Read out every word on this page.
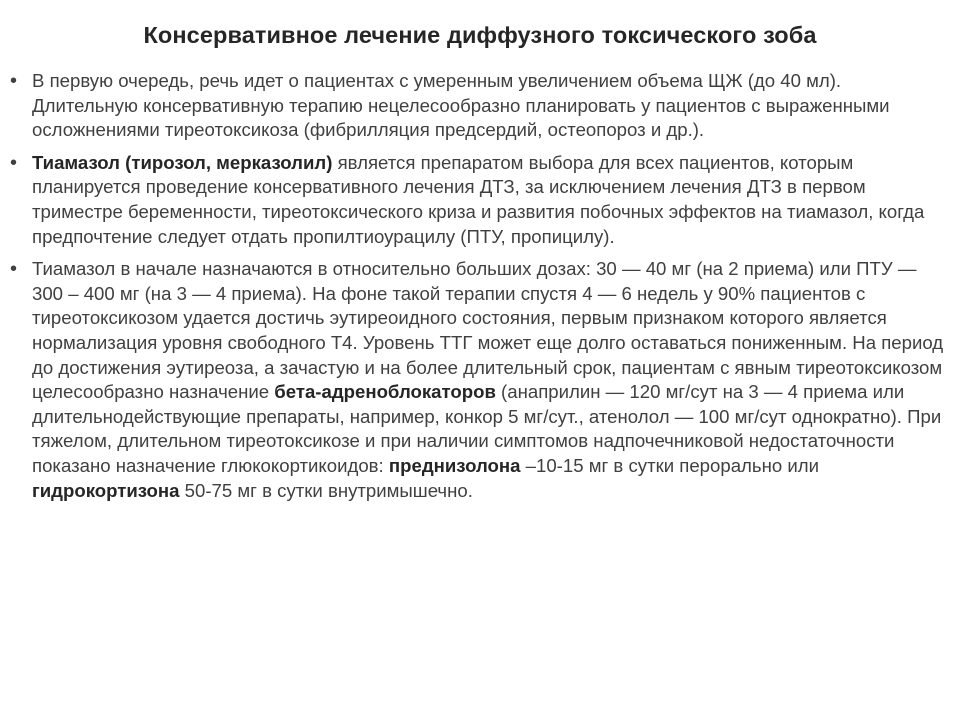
Консервативное лечение диффузного токсического зоба
• В первую очередь, речь идет о пациентах с умеренным увеличением объема ЩЖ (до 40 мл). Длительную консервативную терапию нецелесообразно планировать у пациентов с выраженными осложнениями тиреотоксикоза (фибрилляция предсердий, остеопороз и др.).
• Тиамазол (тирозол, мерказолил) является препаратом выбора для всех пациентов, которым планируется проведение консервативного лечения ДТЗ, за исключением лечения ДТЗ в первом триместре беременности, тиреотоксического криза и развития побочных эффектов на тиамазол, когда предпочтение следует отдать пропилтиоурацилу (ПТУ, пропицилу).
• Тиамазол в начале назначаются в относительно больших дозах: 30 — 40 мг (на 2 приема) или ПТУ — 300 – 400 мг (на 3 — 4 приема). На фоне такой терапии спустя 4 — 6 недель у 90% пациентов с тиреотоксикозом удается достичь эутиреоидного состояния, первым признаком которого является нормализация уровня свободного Т4. Уровень ТТГ может еще долго оставаться пониженным. На период до достижения эутиреоза, а зачастую и на более длительный срок, пациентам с явным тиреотоксикозом целесообразно назначение бета-адреноблокаторов (анаприлин — 120 мг/сут на 3 — 4 приема или длительнодействующие препараты, например, конкор 5 мг/сут., атенолол — 100 мг/сут однократно). При тяжелом, длительном тиреотоксикозе и при наличии симптомов надпочечниковой недостаточности показано назначение глюкокортикоидов: преднизолона –10-15 мг в сутки перорально или гидрокортизона 50-75 мг в сутки внутримышечно.
